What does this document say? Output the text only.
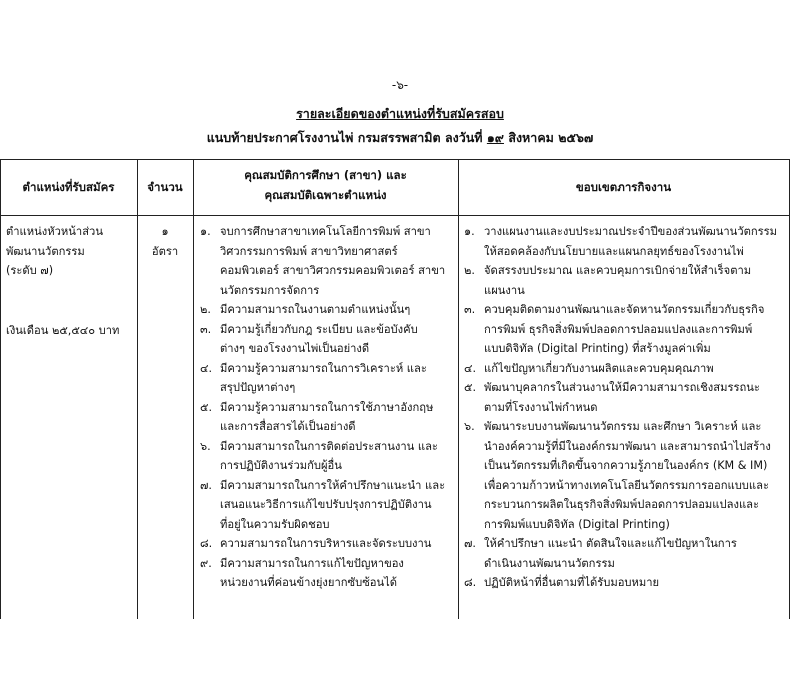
-๖-
รายละเอียดของตำแหน่งที่รับสมัครสอบ
แนบท้ายประกาศโรงงานไพ่ กรมสรรพสามิต ลงวันที่ ๑๙ สิงหาคม ๒๕๖๗
ตำแหน่งที่รับสมัคร	จำนวน
คุณสมบัติการศึกษา (สาขา) และ
คุณสมบัติเฉพาะตำแหน่ง
ขอบเขตภารกิจงาน
ตำแหน่งหัวหน้าส่วน
พัฒนานวัตกรรม
(ระดับ ๗)
เงินเดือน ๒๕,๕๔๐ บาท
๑
อัตรา
๑. จบการศึกษาสาขาเทคโนโลยีการพิมพ์ สาขา
วิศวกรรมการพิมพ์ สาขาวิทยาศาสตร์
คอมพิวเตอร์ สาขาวิศวกรรมคอมพิวเตอร์ สาขา
นวัตกรรมการจัดการ
๒. มีความสามารถในงานตามตำแหน่งนั้นๆ
๓. มีความรู้เกี่ยวกับกฎ ระเบียบ และข้อบังคับ
ต่างๆ ของโรงงานไพ่เป็นอย่างดี
๔. มีความรู้ความสามารถในการวิเคราะห์ และ
สรุปปัญหาต่างๆ
๕. มีความรู้ความสามารถในการใช้ภาษาอังกฤษ
และการสื่อสารได้เป็นอย่างดี
๖. มีความสามารถในการติดต่อประสานงาน และ
การปฏิบัติงานร่วมกับผู้อื่น
๗. มีความสามารถในการให้คำปรึกษาแนะนำ และ
เสนอแนะวิธีการแก้ไขปรับปรุงการปฏิบัติงาน
ที่อยู่ในความรับผิดชอบ
๘. ความสามารถในการบริหารและจัดระบบงาน
๙. มีความสามารถในการแก้ไขปัญหาของ
หน่วยงานที่ค่อนข้างยุ่งยากซับซ้อนได้
๑. วางแผนงานและงบประมาณประจำปีของส่วนพัฒนานวัตกรรม
ให้สอดคล้องกับนโยบายและแผนกลยุทธ์ของโรงงานไพ่
๒. จัดสรรงบประมาณ และควบคุมการเบิกจ่ายให้สำเร็จตาม
แผนงาน
๓. ควบคุมติดตามงานพัฒนาและจัดหานวัตกรรมเกี่ยวกับธุรกิจ
การพิมพ์ ธุรกิจสิ่งพิมพ์ปลอดการปลอมแปลงและการพิมพ์
แบบดิจิทัล (Digital Printing) ที่สร้างมูลค่าเพิ่ม
๔. แก้ไขปัญหาเกี่ยวกับงานผลิตและควบคุมคุณภาพ
๕. พัฒนาบุคลากรในส่วนงานให้มีความสามารถเชิงสมรรถนะ
ตามที่โรงงานไพ่กำหนด
๖. พัฒนาระบบงานพัฒนานวัตกรรม และศึกษา วิเคราะห์ และ
นำองค์ความรู้ที่มีในองค์กรมาพัฒนา และสามารถนำไปสร้าง
เป็นนวัตกรรมที่เกิดขึ้นจากความรู้ภายในองค์กร (KM & IM)
เพื่อความก้าวหน้าทางเทคโนโลยีนวัตกรรมการออกแบบและ
กระบวนการผลิตในธุรกิจสิ่งพิมพ์ปลอดการปลอมแปลงและ
การพิมพ์แบบดิจิทัล (Digital Printing)
๗. ให้คำปรึกษา แนะนำ ตัดสินใจและแก้ไขปัญหาในการ
ดำเนินงานพัฒนานวัตกรรม
๘. ปฏิบัติหน้าที่อื่นตามที่ได้รับมอบหมาย
